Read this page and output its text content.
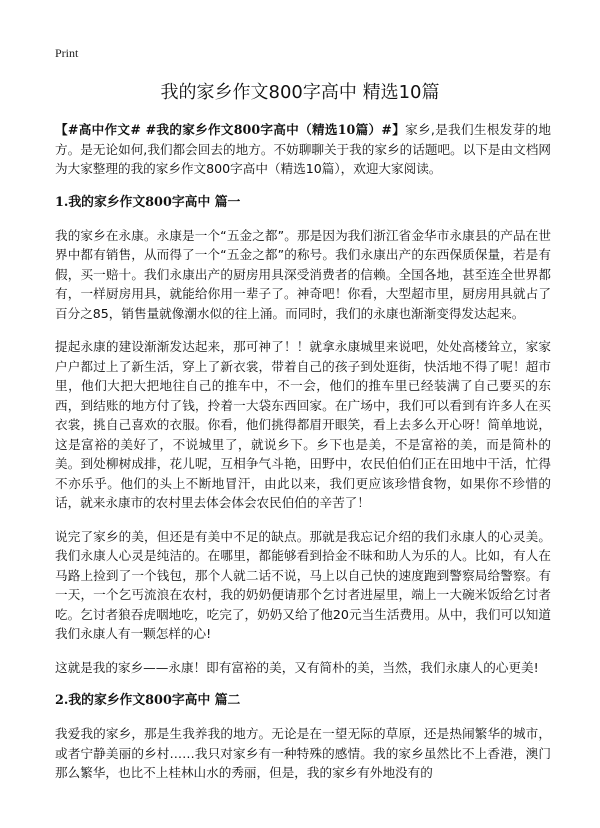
Print
我的家乡作文800字高中 精选10篇

【#高中作文# #我的家乡作文800字高中（精选10篇）#】家乡,是我们生根发芽的地方。是无论如何,我们都会回去的地方。不妨聊聊关于我的家乡的话题吧。以下是由文档网为大家整理的我的家乡作文800字高中（精选10篇），欢迎大家阅读。

1.我的家乡作文800字高中 篇一

我的家乡在永康。永康是一个“五金之都”。那是因为我们浙江省金华市永康县的产品在世界中都有销售，从而得了一个“五金之都”的称号。我们永康出产的东西保质保量，若是有假，买一赔十。我们永康出产的厨房用具深受消费者的信赖。全国各地，甚至连全世界都有，一样厨房用具，就能给你用一辈子了。神奇吧！你看，大型超市里，厨房用具就占了百分之85，销售量就像潮水似的往上涌。而同时，我们的永康也渐渐变得发达起来。

提起永康的建设渐渐发达起来，那可神了！！就拿永康城里来说吧，处处高楼耸立，家家户户都过上了新生活，穿上了新衣裳，带着自己的孩子到处逛街，快活地不得了呢！超市里，他们大把大把地往自己的推车中，不一会，他们的推车里已经装满了自己要买的东西，到结账的地方付了钱，拎着一大袋东西回家。在广场中，我们可以看到有许多人在买衣裳，挑自己喜欢的衣服。你看，他们挑得都眉开眼笑，看上去多么开心呀！简单地说，这是富裕的美好了，不说城里了，就说乡下。乡下也是美，不是富裕的美，而是简朴的美。到处柳树成排，花儿呢，互相争气斗艳，田野中，农民伯伯们正在田地中干活，忙得不亦乐乎。他们的头上不断地冒汗，由此以来，我们更应该珍惜食物，如果你不珍惜的话，就来永康市的农村里去体会体会农民伯伯的辛苦了！

说完了家乡的美，但还是有美中不足的缺点。那就是我忘记介绍的我们永康人的心灵美。我们永康人心灵是纯洁的。在哪里，都能够看到拾金不昧和助人为乐的人。比如，有人在马路上捡到了一个钱包，那个人就二话不说，马上以自己快的速度跑到警察局给警察。有一天，一个乞丐流浪在农村，我的奶奶便请那个乞讨者进屋里，端上一大碗米饭给乞讨者吃。乞讨者狼吞虎咽地吃，吃完了，奶奶又给了他20元当生活费用。从中，我们可以知道我们永康人有一颗怎样的心!

这就是我的家乡——永康！即有富裕的美，又有简朴的美，当然，我们永康人的心更美!

2.我的家乡作文800字高中 篇二

我爱我的家乡，那是生我养我的地方。无论是在一望无际的草原，还是热闹繁华的城市，或者宁静美丽的乡村……我只对家乡有一种特殊的感情。我的家乡虽然比不上香港，澳门那么繁华，也比不上桂林山水的秀丽，但是，我的家乡有外地没有的
